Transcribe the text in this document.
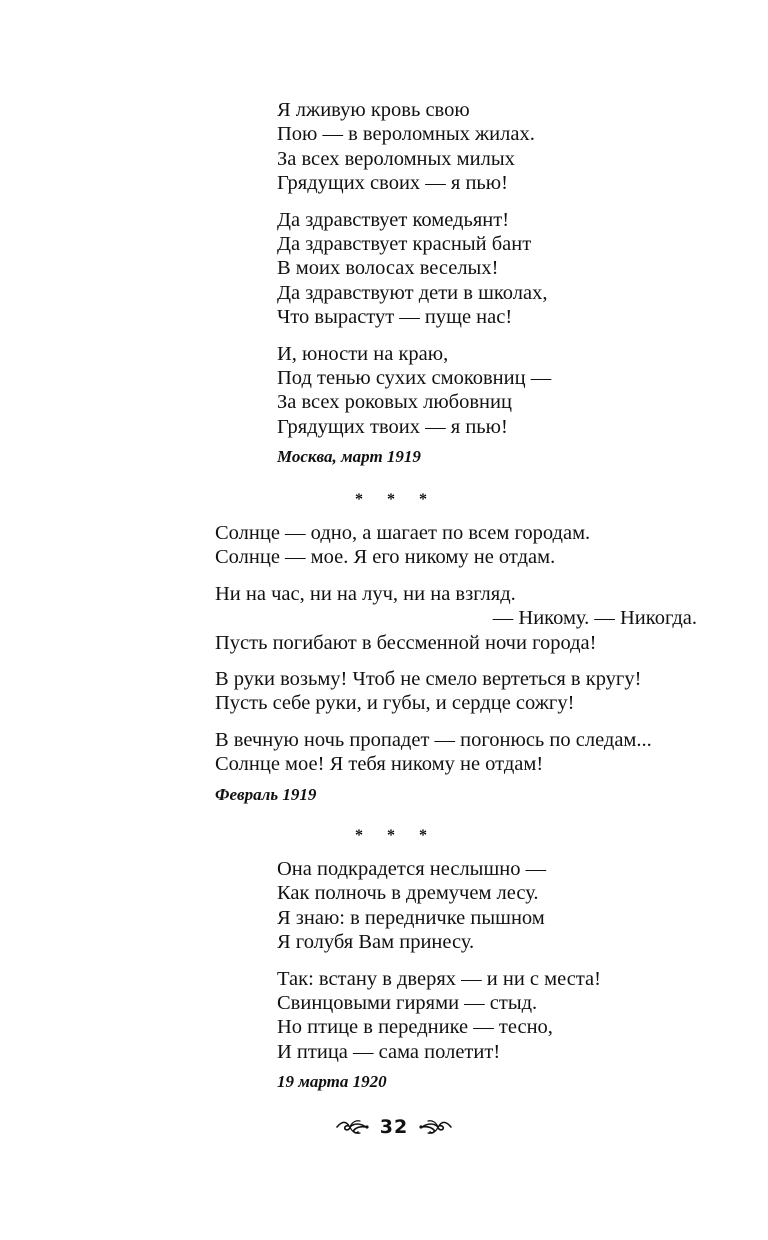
Я лживую кровь свою
Пою — в вероломных жилах.
За всех вероломных милых
Грядущих своих — я пью!
Да здравствует комедьянт!
Да здравствует красный бант
В моих волосах веселых!
Да здравствуют дети в школах,
Что вырастут — пуще нас!
И, юности на краю,
Под тенью сухих смоковниц —
За всех роковых любовниц
Грядущих твоих — я пью!
Москва, март 1919
* * *
Солнце — одно, а шагает по всем городам.
Солнце — мое. Я его никому не отдам.
Ни на час, ни на луч, ни на взгляд.
— Никому. — Никогда.
Пусть погибают в бессменной ночи города!
В руки возьму! Чтоб не смело вертеться в кругу!
Пусть себе руки, и губы, и сердце сожгу!
В вечную ночь пропадет — погонюсь по следам...
Солнце мое! Я тебя никому не отдам!
Февраль 1919
* * *
Она подкрадется неслышно —
Как полночь в дремучем лесу.
Я знаю: в передничке пышном
Я голубя Вам принесу.
Так: встану в дверях — и ни с места!
Свинцовыми гирями — стыд.
Но птице в переднике — тесно,
И птица — сама полетит!
19 марта 1920
32
